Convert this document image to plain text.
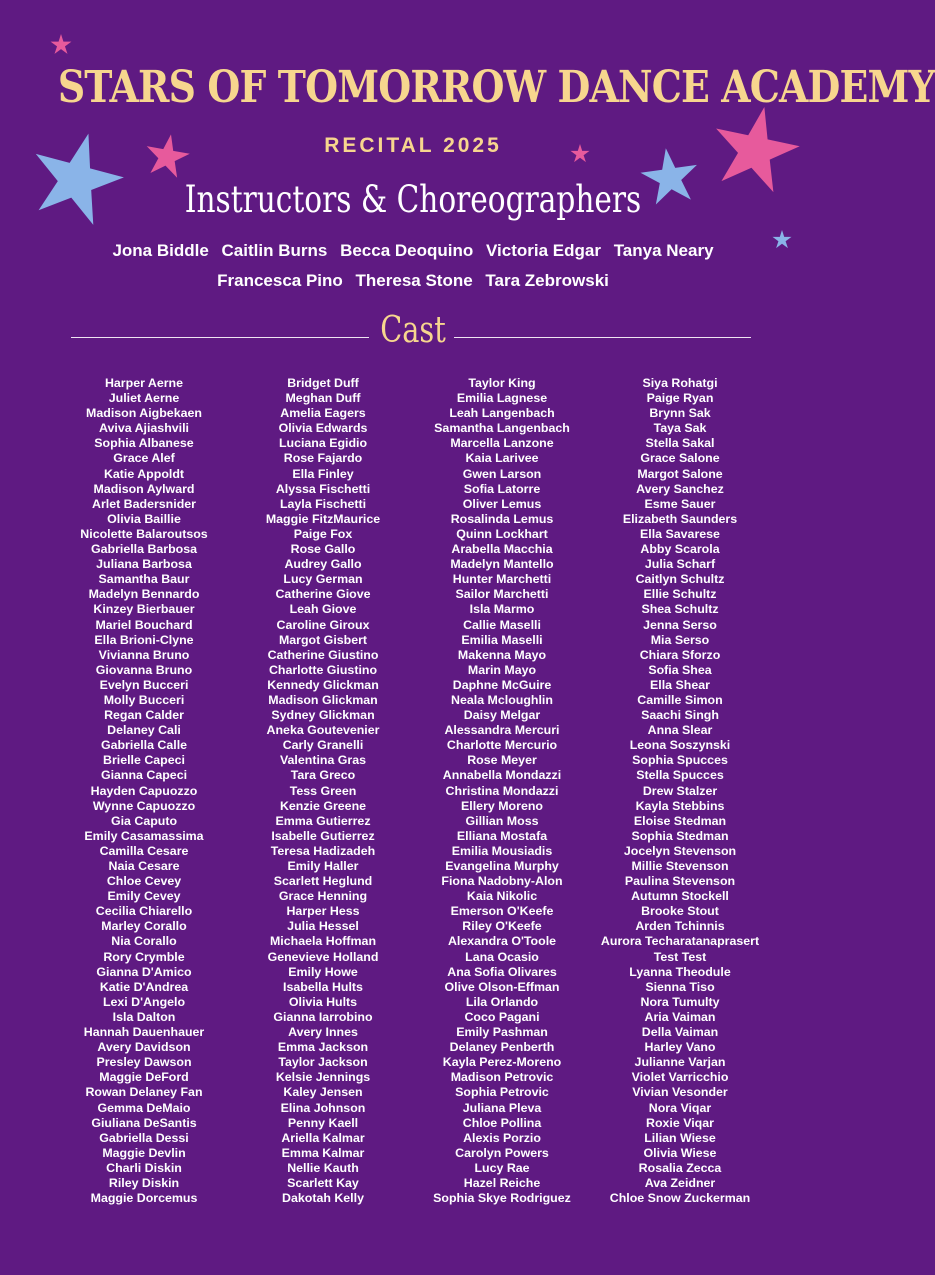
STARS OF TOMORROW DANCE ACADEMY
RECITAL 2025
Instructors & Choreographers
Jona Biddle Caitlin Burns Becca Deoquino Victoria Edgar Tanya Neary
Francesca Pino Theresa Stone Tara Zebrowski
Cast
Harper Aerne
Juliet Aerne
Madison Aigbekaen
Aviva Ajiashvili
Sophia Albanese
Grace Alef
Katie Appoldt
Madison Aylward
Arlet Badersnider
Olivia Baillie
Nicolette Balaroutsos
Gabriella Barbosa
Juliana Barbosa
Samantha Baur
Madelyn Bennardo
Kinzey Bierbauer
Mariel Bouchard
Ella Brioni-Clyne
Vivianna Bruno
Giovanna Bruno
Evelyn Bucceri
Molly Bucceri
Regan Calder
Delaney Cali
Gabriella Calle
Brielle Capeci
Gianna Capeci
Hayden Capuozzo
Wynne Capuozzo
Gia Caputo
Emily Casamassima
Camilla Cesare
Naia Cesare
Chloe Cevey
Emily Cevey
Cecilia Chiarello
Marley Corallo
Nia Corallo
Rory Crymble
Gianna D'Amico
Katie D'Andrea
Lexi D'Angelo
Isla Dalton
Hannah Dauenhauer
Avery Davidson
Presley Dawson
Maggie DeFord
Rowan Delaney Fan
Gemma DeMaio
Giuliana DeSantis
Gabriella Dessi
Maggie Devlin
Charli Diskin
Riley Diskin
Maggie Dorcemus
Bridget Duff
Meghan Duff
Amelia Eagers
Olivia Edwards
Luciana Egidio
Rose Fajardo
Ella Finley
Alyssa Fischetti
Layla Fischetti
Maggie FitzMaurice
Paige Fox
Rose Gallo
Audrey Gallo
Lucy German
Catherine Giove
Leah Giove
Caroline Giroux
Margot Gisbert
Catherine Giustino
Charlotte Giustino
Kennedy Glickman
Madison Glickman
Sydney Glickman
Aneka Goutevenier
Carly Granelli
Valentina Gras
Tara Greco
Tess Green
Kenzie Greene
Emma Gutierrez
Isabelle Gutierrez
Teresa Hadizadeh
Emily Haller
Scarlett Heglund
Grace Henning
Harper Hess
Julia Hessel
Michaela Hoffman
Genevieve Holland
Emily Howe
Isabella Hults
Olivia Hults
Gianna Iarrobino
Avery Innes
Emma Jackson
Taylor Jackson
Kelsie Jennings
Kaley Jensen
Elina Johnson
Penny Kaell
Ariella Kalmar
Emma Kalmar
Nellie Kauth
Scarlett Kay
Dakotah Kelly
Taylor King
Emilia Lagnese
Leah Langenbach
Samantha Langenbach
Marcella Lanzone
Kaia Larivee
Gwen Larson
Sofia Latorre
Oliver Lemus
Rosalinda Lemus
Quinn Lockhart
Arabella Macchia
Madelyn Mantello
Hunter Marchetti
Sailor Marchetti
Isla Marmo
Callie Maselli
Emilia Maselli
Makenna Mayo
Marin Mayo
Daphne McGuire
Neala Mcloughlin
Daisy Melgar
Alessandra Mercuri
Charlotte Mercurio
Rose Meyer
Annabella Mondazzi
Christina Mondazzi
Ellery Moreno
Gillian Moss
Elliana Mostafa
Emilia Mousiadis
Evangelina Murphy
Fiona Nadobny-Alon
Kaia Nikolic
Emerson O'Keefe
Riley O'Keefe
Alexandra O'Toole
Lana Ocasio
Ana Sofia Olivares
Olive Olson-Effman
Lila Orlando
Coco Pagani
Emily Pashman
Delaney Penberth
Kayla Perez-Moreno
Madison Petrovic
Sophia Petrovic
Juliana Pleva
Chloe Pollina
Alexis Porzio
Carolyn Powers
Lucy Rae
Hazel Reiche
Sophia Skye Rodriguez
Siya Rohatgi
Paige Ryan
Brynn Sak
Taya Sak
Stella Sakal
Grace Salone
Margot Salone
Avery Sanchez
Esme Sauer
Elizabeth Saunders
Ella Savarese
Abby Scarola
Julia Scharf
Caitlyn Schultz
Ellie Schultz
Shea Schultz
Jenna Serso
Mia Serso
Chiara Sforzo
Sofia Shea
Ella Shear
Camille Simon
Saachi Singh
Anna Slear
Leona Soszynski
Sophia Spucces
Stella Spucces
Drew Stalzer
Kayla Stebbins
Eloise Stedman
Sophia Stedman
Jocelyn Stevenson
Millie Stevenson
Paulina Stevenson
Autumn Stockell
Brooke Stout
Arden Tchinnis
Aurora Techaratanaprasert
Test Test
Lyanna Theodule
Sienna Tiso
Nora Tumulty
Aria Vaiman
Della Vaiman
Harley Vano
Julianne Varjan
Violet Varricchio
Vivian Vesonder
Nora Viqar
Roxie Viqar
Lilian Wiese
Olivia Wiese
Rosalia Zecca
Ava Zeidner
Chloe Snow Zuckerman
